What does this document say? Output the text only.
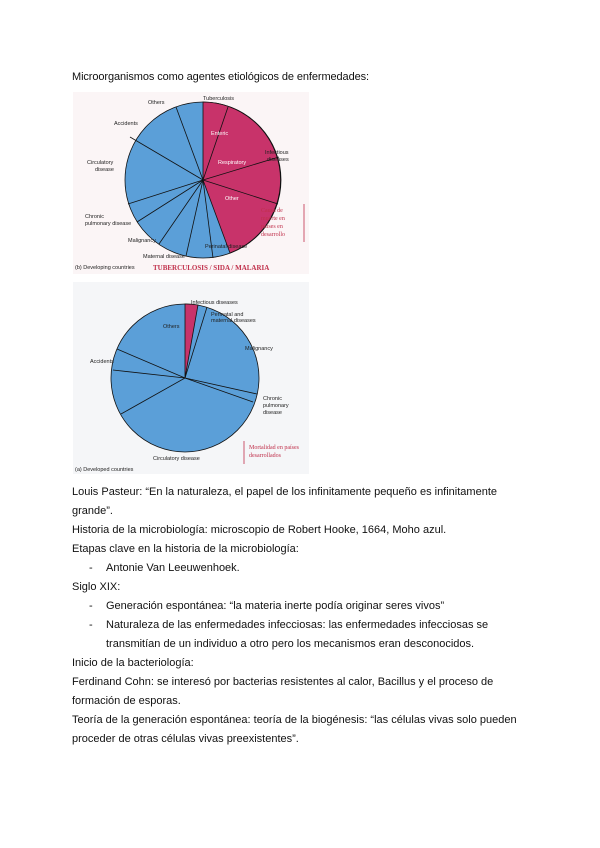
Microorganismos como agentes etiológicos de enfermedades:
Others
Tuberculosis
Accidents
Enteric
Infectious diseases
Respiratory
Circulatory disease
Other
Chronic pulmonary disease
Malignancy
Perinatal disease
Maternal disease
Causa de muerte en países en desarrollo
(b) Developing countries	TUBERCULOSIS / SIDA / MALARIA
Infectious diseases
Perinatal and maternal diseases
Others
Malignancy
Accidents
Chronic pulmonary disease
Circulatory disease
Mortalidad en países desarrollados
(a) Developed countries

Louis Pasteur: “En la naturaleza, el papel de los infinitamente pequeño es infinitamente grande”.

Historia de la microbiología: microscopio de Robert Hooke, 1664, Moho azul.

Etapas clave en la historia de la microbiología:

- Antonie Van Leeuwenhoek.

Siglo XIX:

- Generación espontánea: “la materia inerte podía originar seres vivos”

- Naturaleza de las enfermedades infecciosas: las enfermedades infecciosas se transmitían de un individuo a otro pero los mecanismos eran desconocidos.

Inicio de la bacteriología:

Ferdinand Cohn: se interesó por bacterias resistentes al calor, Bacillus y el proceso de formación de esporas.

Teoría de la generación espontánea: teoría de la biogénesis: “las células vivas solo pueden proceder de otras células vivas preexistentes”.
